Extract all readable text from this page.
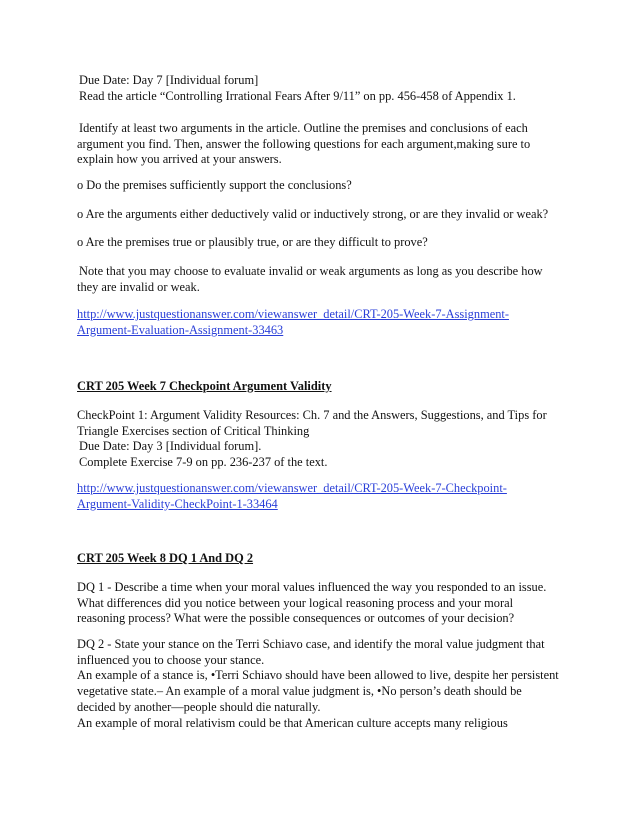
Due Date: Day 7 [Individual forum]
Read the article “Controlling Irrational Fears After 9/11” on pp. 456-458 of Appendix 1.
Identify at least two arguments in the article. Outline the premises and conclusions of each
argument you find. Then, answer the following questions for each argument,making sure to
explain how you arrived at your answers.
o Do the premises sufficiently support the conclusions?
o Are the arguments either deductively valid or inductively strong, or are they invalid or weak?
o Are the premises true or plausibly true, or are they difficult to prove?
Note that you may choose to evaluate invalid or weak arguments as long as you describe how
they are invalid or weak.
http://www.justquestionanswer.com/viewanswer_detail/CRT-205-Week-7-Assignment-
Argument-Evaluation-Assignment-33463
CRT 205 Week 7 Checkpoint Argument Validity
CheckPoint 1: Argument Validity Resources: Ch. 7 and the Answers, Suggestions, and Tips for
Triangle Exercises section of Critical Thinking
Due Date: Day 3 [Individual forum].
Complete Exercise 7-9 on pp. 236-237 of the text.
http://www.justquestionanswer.com/viewanswer_detail/CRT-205-Week-7-Checkpoint-
Argument-Validity-CheckPoint-1-33464
CRT 205 Week 8 DQ 1 And DQ 2
DQ 1 - Describe a time when your moral values influenced the way you responded to an issue.
What differences did you notice between your logical reasoning process and your moral
reasoning process? What were the possible consequences or outcomes of your decision?
DQ 2 - State your stance on the Terri Schiavo case, and identify the moral value judgment that
influenced you to choose your stance.
An example of a stance is, •Terri Schiavo should have been allowed to live, despite her persistent
vegetative state.– An example of a moral value judgment is, •No person’s death should be
decided by another—people should die naturally.
An example of moral relativism could be that American culture accepts many religious
